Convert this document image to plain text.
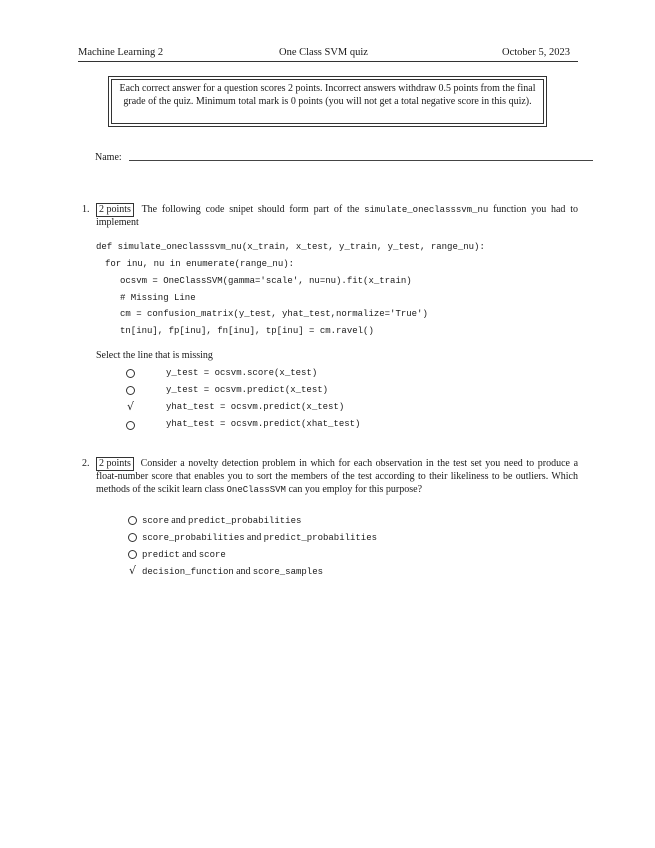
Machine Learning 2	One Class SVM quiz	October 5, 2023
Each correct answer for a question scores 2 points. Incorrect answers withdraw 0.5 points from the final grade of the quiz. Minimum total mark is 0 points (you will not get a total negative score in this quiz).
Name:
1. 2 points The following code snipet should form part of the simulate_oneclasssvm_nu function you had to implement
def simulate_oneclasssvm_nu(x_train, x_test, y_train, y_test, range_nu):
for inu, nu in enumerate(range_nu):
ocsvm = OneClassSVM(gamma='scale', nu=nu).fit(x_train)
# Missing Line
cm = confusion_matrix(y_test, yhat_test,normalize='True')
tn[inu], fp[inu], fn[inu], tp[inu] = cm.ravel()
Select the line that is missing
y_test = ocsvm.score(x_test)
y_test = ocsvm.predict(x_test)
√	yhat_test = ocsvm.predict(x_test)
yhat_test = ocsvm.predict(xhat_test)
2. 2 points Consider a novelty detection problem in which for each observation in the test set you need to produce a float-number score that enables you to sort the members of the test according to their likeliness to be outliers. Which methods of the scikit learn class OneClassSVM can you employ for this purpose?
score and predict_probabilities
score_probabilities and predict_probabilities
predict and score
√ decision_function and score_samples
